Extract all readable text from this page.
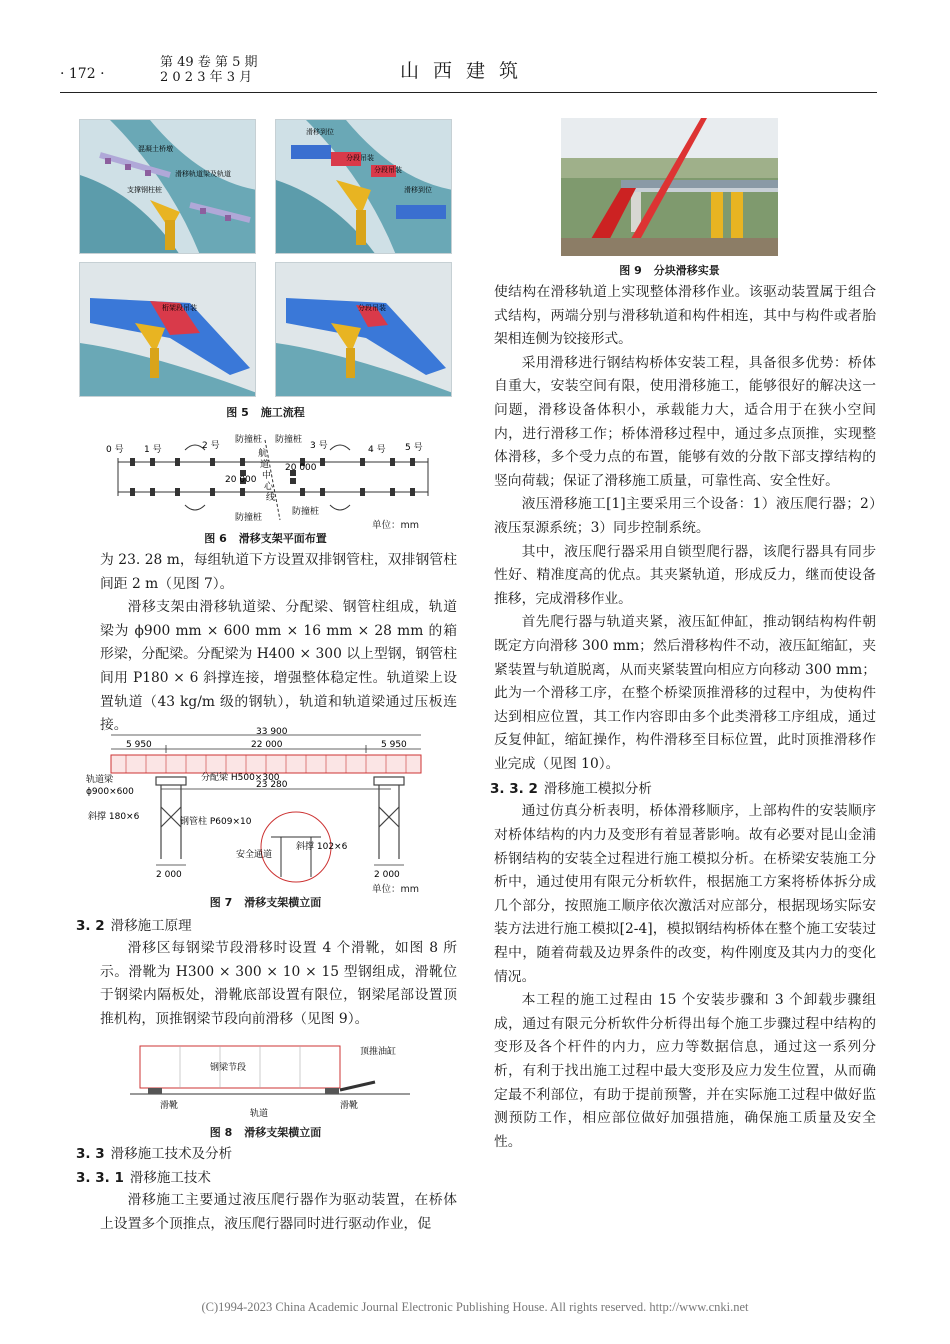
· 172 ·
第 49 卷 第 5 期
2 0 2 3 年 3 月	山西建筑
混凝土桥墩
滑移轨道梁及轨道
支撑钢柱桩
滑移到位
分段吊装
分段吊装
滑移到位
桁架段吊装	分段吊装
图 5 施工流程
0 号 1 号	2 号	3 号	4 号 5 号
防撞桩 防撞桩
防撞桩
防撞桩
航
道
中
心
线
20 000
20 000
单位：mm
图 6 滑移支架平面布置

为 23. 28 m，每组轨道下方设置双排钢管柱，双排钢管柱间距 2 m（见图 7）。

滑移支架由滑移轨道梁、分配梁、钢管柱组成，轨道梁为 ϕ900 mm × 600 mm × 16 mm × 28 mm 的箱形梁，分配梁。分配梁为 H400 × 300 以上型钢，钢管柱间用 P180 × 6 斜撑连接，增强整体稳定性。轨道梁上设置轨道（43 kg/m 级的钢轨），轨道和轨道梁通过压板连接。	33 900
5 950	22 000	5 950
23 280
轨道梁
ϕ900×600
分配梁 H500×300
斜撑 180×6	钢管柱 P609×10
安全通道
斜撑 102×6
2 000	2 000
单位：mm
图 7 滑移支架横立面
3. 2 滑移施工原理

滑移区每钢梁节段滑移时设置 4 个滑靴，如图 8 所示。滑靴为 H300 × 300 × 10 × 15 型钢组成，滑靴位于钢梁内隔板处，滑靴底部设置有限位，钢梁尾部设置顶推机构，顶推钢梁节段向前滑移（见图 9）。

钢梁节段
顶推油缸
滑靴
轨道
滑靴
图 8 滑移支架横立面
3. 3 滑移施工技术及分析
3. 3. 1 滑移施工技术

滑移施工主要通过液压爬行器作为驱动装置，在桥体上设置多个顶推点，液压爬行器同时进行驱动作业，促

图 9 分块滑移实景

使结构在滑移轨道上实现整体滑移作业。该驱动装置属于组合式结构，两端分别与滑移轨道和构件相连，其中与构件或者胎架相连侧为铰接形式。

采用滑移进行钢结构桥体安装工程，具备很多优势：桥体自重大，安装空间有限，使用滑移施工，能够很好的解决这一问题，滑移设备体积小，承载能力大，适合用于在狭小空间内，进行滑移工作；桥体滑移过程中，通过多点顶推，实现整体滑移，多个受力点的布置，能够有效的分散下部支撑结构的竖向荷载；保证了滑移施工质量，可靠性高、安全性好。

液压滑移施工[1]主要采用三个设备：1）液压爬行器；2）液压泵源系统；3）同步控制系统。

其中，液压爬行器采用自锁型爬行器，该爬行器具有同步性好、精准度高的优点。其夹紧轨道，形成反力，继而使设备推移，完成滑移作业。

首先爬行器与轨道夹紧，液压缸伸缸，推动钢结构构件朝既定方向滑移 300 mm；然后滑移构件不动，液压缸缩缸，夹紧装置与轨道脱离，从而夹紧装置向相应方向移动 300 mm；此为一个滑移工序，在整个桥梁顶推滑移的过程中，为使构件达到相应位置，其工作内容即由多个此类滑移工序组成，通过反复伸缸，缩缸操作，构件滑移至目标位置，此时顶推滑移作业完成（见图 10）。

3. 3. 2 滑移施工模拟分析

通过仿真分析表明，桥体滑移顺序，上部构件的安装顺序对桥体结构的内力及变形有着显著影响。故有必要对昆山金浦桥钢结构的安装全过程进行施工模拟分析。在桥梁安装施工分析中，通过使用有限元分析软件，根据施工方案将桥体拆分成几个部分，按照施工顺序依次激活对应部分，根据现场实际安装方法进行施工模拟[2-4]，模拟钢结构桥体在整个施工安装过程中，随着荷载及边界条件的改变，构件刚度及其内力的变化情况。

本工程的施工过程由 15 个安装步骤和 3 个卸载步骤组成，通过有限元分析软件分析得出每个施工步骤过程中结构的变形及各个杆件的内力，应力等数据信息，通过这一系列分析，有利于找出施工过程中最大变形及应力发生位置，从而确定最不利部位，有助于提前预警，并在实际施工过程中做好监测预防工作，相应部位做好加强措施，确保施工质量及安全性。

(C)1994-2023 China Academic Journal Electronic Publishing House. All rights reserved. http://www.cnki.net
